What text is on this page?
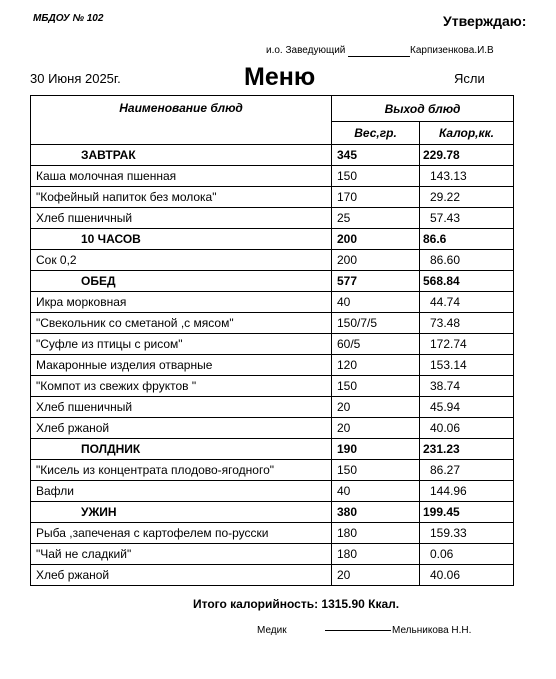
МБДОУ № 102	Утверждаю:
и.о. Заведующий	Карпизенкова.И.В
30 Июня 2025г.	Меню	Ясли
Наименование блюд	Выход блюд	
	Вес,гр.	Калор,кк.
ЗАВТРАК	345	229.78
Каша молочная пшенная	150	143.13
"Кофейный напиток без молока"	170	29.22
Хлеб пшеничный	25	57.43
10 ЧАСОВ	200	86.6
Сок 0,2	200	86.60
ОБЕД	577	568.84
Икра морковная	40	44.74
"Свекольник со сметаной ,с мясом"	150/7/5	73.48
"Суфле из птицы с рисом"	60/5	172.74
Макаронные изделия отварные	120	153.14
"Компот из свежих фруктов "	150	38.74
Хлеб пшеничный	20	45.94
Хлеб ржаной	20	40.06
ПОЛДНИК	190	231.23
"Кисель из концентрата плодово-ягодного"	150	86.27
Вафли	40	144.96
УЖИН	380	199.45
Рыба ,запеченая с картофелем по-русски	180	159.33
"Чай не сладкий"	180	0.06
Хлеб ржаной	20	40.06
Итого калорийность: 1315.90 Ккал.
Медик	Мельникова Н.Н.
